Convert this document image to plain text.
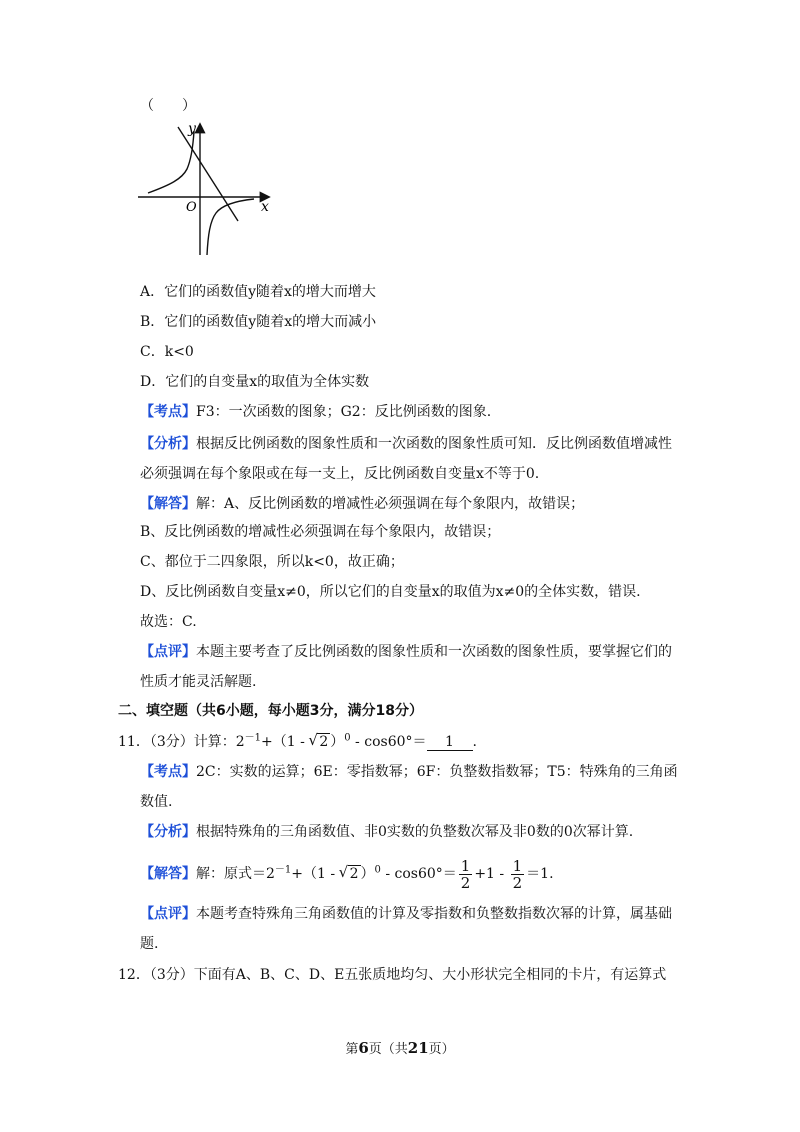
（　　）
y
x
O
A．它们的函数值y随着x的增大而增大
B．它们的函数值y随着x的增大而减小
C．k<0
D．它们的自变量x的取值为全体实数
【考点】F3：一次函数的图象；G2：反比例函数的图象.
【分析】根据反比例函数的图象性质和一次函数的图象性质可知．反比例函数值增减性
必须强调在每个象限或在每一支上，反比例函数自变量x不等于0.
【解答】解：A、反比例函数的增减性必须强调在每个象限内，故错误；
B、反比例函数的增减性必须强调在每个象限内，故错误；
C、都位于二四象限，所以k<0，故正确；
D、反比例函数自变量x≠0，所以它们的自变量x的取值为x≠0的全体实数，错误.
故选：C.
【点评】本题主要考查了反比例函数的图象性质和一次函数的图象性质，要掌握它们的
性质才能灵活解题.
二、填空题（共6小题，每小题3分，满分18分）
11．（3分）计算：$2^{-1}+(1$ - √ 2 ）$^0$ - cos60°＝ 1 .
【考点】2C：实数的运算；6E：零指数幂；6F：负整数指数幂；T5：特殊角的三角函
数值.
【分析】根据特殊角的三角函数值、非0实数的负整数次幂及非0数的0次幂计算.
【解答】解：原式$=2^{-1}+(1$ - √ 2 ）$^0 - \cos 60^\circ= \frac{1}{2} +1 - \frac{1}{2} =1$.
【点评】本题考查特殊角三角函数值的计算及零指数和负整数指数次幂的计算，属基础
题.
12．（3分）下面有A、B、C、D、E五张质地均匀、大小形状完全相同的卡片，有运算式
第6页（共21页）
